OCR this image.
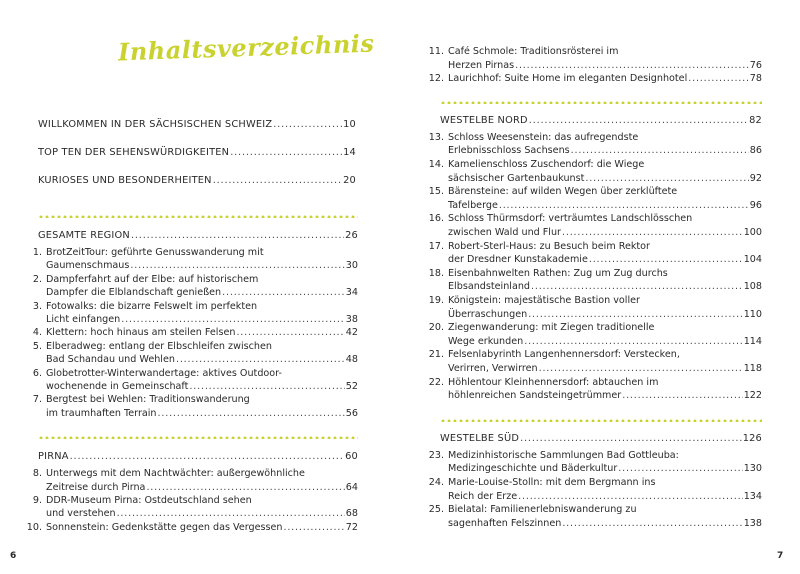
Inhaltsverzeichnis
WILLKOMMEN IN DER SÄCHSISCHEN SCHWEIZ .....	10
TOP TEN DER SEHENSWÜRDIGKEITEN .....	14
KURIOSES UND BESONDERHEITEN .....	20
GESAMTE REGION .....	26
1. BrotZeitTour: geführte Genusswanderung mit
Gaumenschmaus .....	30
2. Dampferfahrt auf der Elbe: auf historischem
Dampfer die Elblandschaft genießen .....	34
3. Fotowalks: die bizarre Felswelt im perfekten
Licht einfangen .....	38
4. Klettern: hoch hinaus am steilen Felsen .....	42
5. Elberadweg: entlang der Elbschleifen zwischen
Bad Schandau und Wehlen .....	48
6. Globetrotter-Winterwandertage: aktives Outdoor-
wochenende in Gemeinschaft .....	52
7. Bergtest bei Wehlen: Traditionswanderung
im traumhaften Terrain .....	56
PIRNA .....	60
8. Unterwegs mit dem Nachtwächter: außergewöhnliche
Zeitreise durch Pirna .....	64
9. DDR-Museum Pirna: Ostdeutschland sehen
und verstehen .....	68
10. Sonnenstein: Gedenkstätte gegen das Vergessen .....	72
6
11. Café Schmole: Traditionsrösterei im
Herzen Pirnas .....	76
12. Laurichhof: Suite Home im eleganten Designhotel .....	78
WESTELBE NORD .....	82
13. Schloss Weesenstein: das aufregendste
Erlebnisschloss Sachsens .....	86
14. Kamelienschloss Zuschendorf: die Wiege
sächsischer Gartenbaukunst .....	92
15. Bärensteine: auf wilden Wegen über zerklüftete
Tafelberge .....	96
16. Schloss Thürmsdorf: verträumtes Landschlösschen
zwischen Wald und Flur .....	100
17. Robert-Sterl-Haus: zu Besuch beim Rektor
der Dresdner Kunstakademie .....	104
18. Eisenbahnwelten Rathen: Zug um Zug durchs
Elbsandsteinland .....	108
19. Königstein: majestätische Bastion voller
Überraschungen .....	110
20. Ziegenwanderung: mit Ziegen traditionelle
Wege erkunden .....	114
21. Felsenlabyrinth Langenhennersdorf: Verstecken,
Verirren, Verwirren .....	118
22. Höhlentour Kleinhennersdorf: abtauchen im
höhlenreichen Sandsteingetrümmer .....	122
WESTELBE SÜD .....	126
23. Medizinhistorische Sammlungen Bad Gottleuba:
Medizingeschichte und Bäderkultur .....	130
24. Marie-Louise-Stolln: mit dem Bergmann ins
Reich der Erze .....	134
25. Bielatal: Familienerlebniswanderung zu
sagenhaften Felszinnen .....	138
7
